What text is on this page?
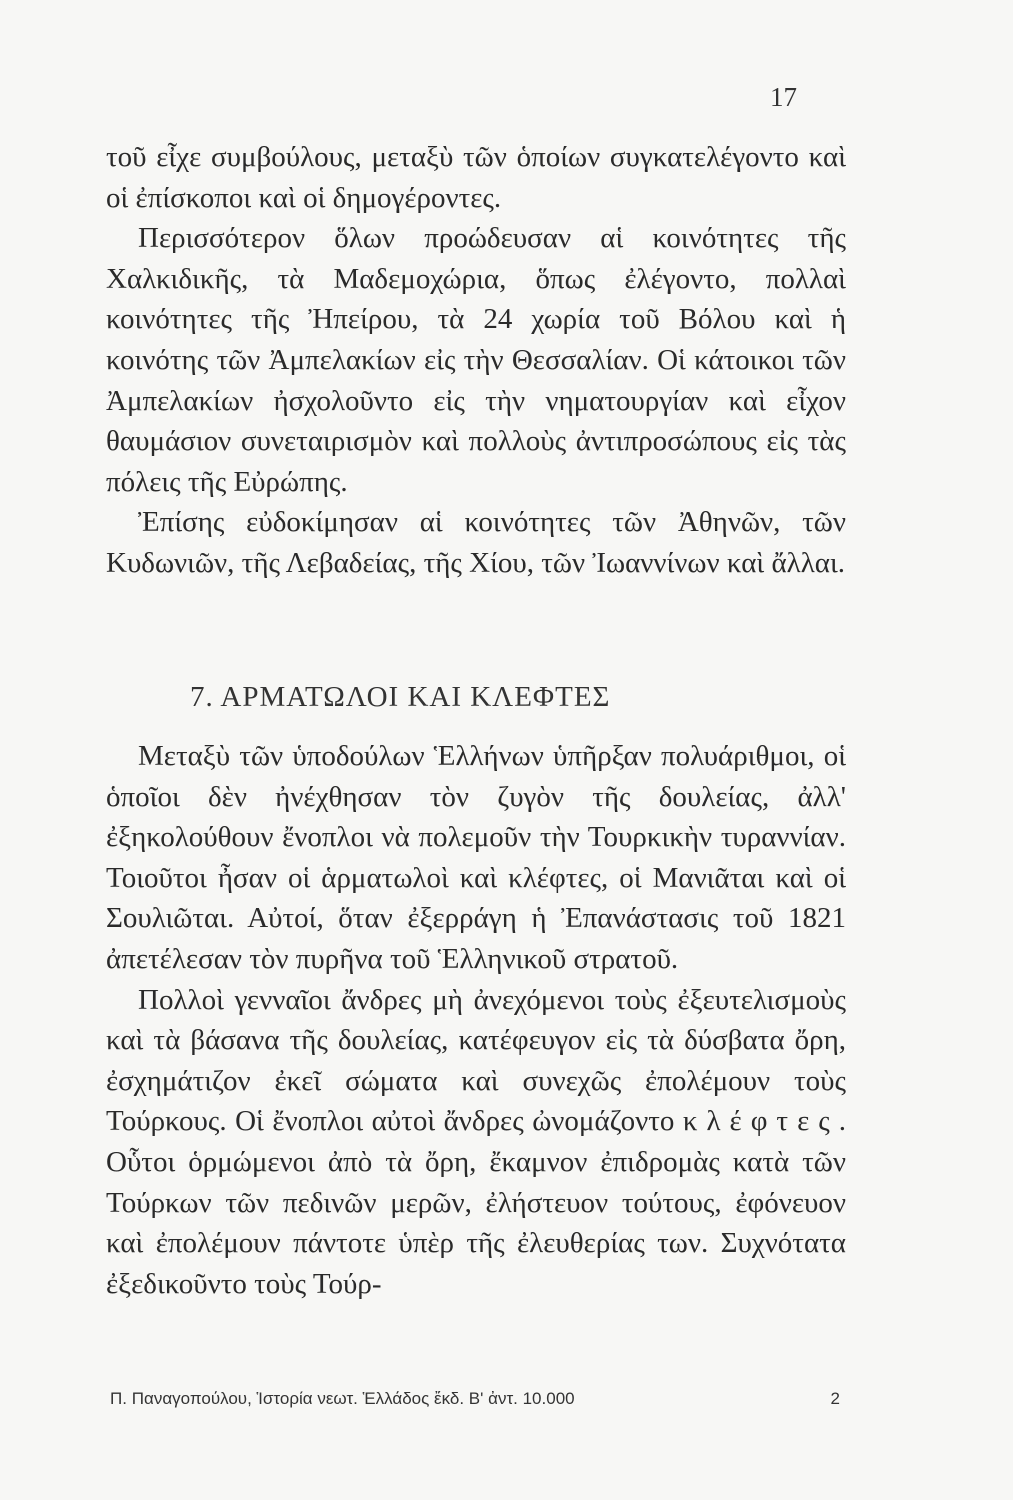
17

τοῦ εἶχε συμβούλους, μεταξὺ τῶν ὁποίων συγκατελέγοντο καὶ οἱ ἐπίσκοποι καὶ οἱ δημογέροντες.

Περισσότερον ὅλων προώδευσαν αἱ κοινότητες τῆς Χαλκιδικῆς, τὰ Μαδεμοχώρια, ὅπως ἐλέγοντο, πολλαὶ κοινότητες τῆς Ἠπείρου, τὰ 24 χωρία τοῦ Βόλου καὶ ἡ κοινότης τῶν Ἀμπελακίων εἰς τὴν Θεσσαλίαν. Οἱ κάτοικοι τῶν Ἀμπελακίων ἠσχολοῦντο εἰς τὴν νηματουργίαν καὶ εἶχον θαυμάσιον συνεταιρισμὸν καὶ πολλοὺς ἀντιπροσώπους εἰς τὰς πόλεις τῆς Εὐρώπης.

Ἐπίσης εὐδοκίμησαν αἱ κοινότητες τῶν Ἀθηνῶν, τῶν Κυδωνιῶν, τῆς Λεβαδείας, τῆς Χίου, τῶν Ἰωαννίνων καὶ ἄλλαι.

7. ΑΡΜΑΤΩΛΟΙ ΚΑΙ ΚΛΕΦΤΕΣ

Μεταξὺ τῶν ὑποδούλων Ἑλλήνων ὑπῆρξαν πολυάριθμοι, οἱ ὁποῖοι δὲν ἠνέχθησαν τὸν ζυγὸν τῆς δουλείας, ἀλλ' ἐξηκολούθουν ἔνοπλοι νὰ πολεμοῦν τὴν Τουρκικὴν τυραννίαν. Τοιοῦτοι ἦσαν οἱ ἁρματωλοὶ καὶ κλέφτες, οἱ Μανιᾶται καὶ οἱ Σουλιῶται. Αὐτοί, ὅταν ἐξερράγη ἡ Ἐπανάστασις τοῦ 1821 ἀπετέλεσαν τὸν πυρῆνα τοῦ Ἑλληνικοῦ στρατοῦ.

Πολλοὶ γενναῖοι ἄνδρες μὴ ἀνεχόμενοι τοὺς ἐξευτελισμοὺς καὶ τὰ βάσανα τῆς δουλείας, κατέφευγον εἰς τὰ δύσβατα ὄρη, ἐσχημάτιζον ἐκεῖ σώματα καὶ συνεχῶς ἐπολέμουν τοὺς Τούρκους. Οἱ ἔνοπλοι αὐτοὶ ἄνδρες ὠνομάζοντο κλέφτες. Οὗτοι ὁρμώμενοι ἀπὸ τὰ ὄρη, ἔκαμνον ἐπιδρομὰς κατὰ τῶν Τούρκων τῶν πεδινῶν μερῶν, ἐλήστευον τούτους, ἐφόνευον καὶ ἐπολέμουν πάντοτε ὑπὲρ τῆς ἐλευθερίας των. Συχνότατα ἐξεδικοῦντο τοὺς Τούρ-

Π. Παναγοπούλου, Ἱστορία νεωτ. Ἑλλάδος ἔκδ. Β' ἀντ. 10.000	2
